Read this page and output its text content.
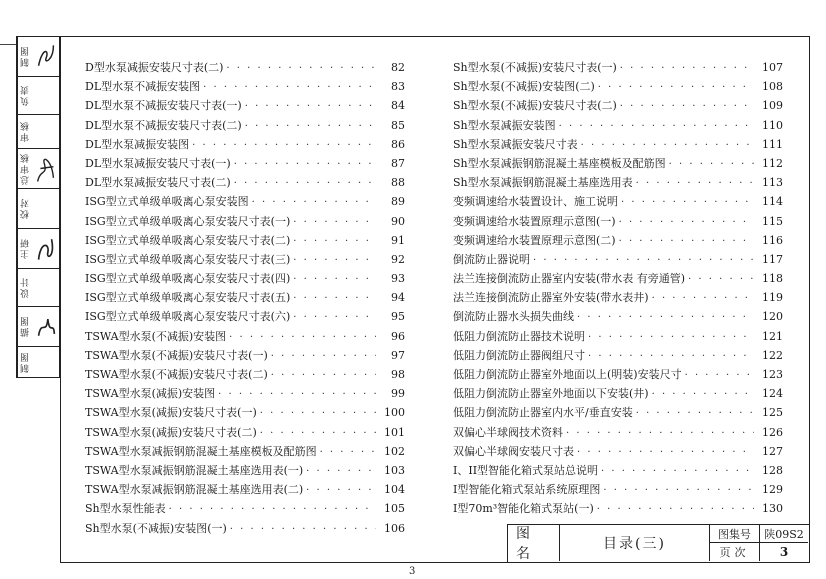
制图
负责
审核
总审核
校对
主研
设计
描图
制图
D型水泵减振安装尺寸表(二) · · ·	82
DL型水泵不减振安装图 · · ·	83
DL型水泵不减振安装尺寸表(一) · · ·	84
DL型水泵不减振安装尺寸表(二) · · ·	85
DL型水泵减振安装图 · · ·	86
DL型水泵减振安装尺寸表(一) · · ·	87
DL型水泵减振安装尺寸表(二) · · ·	88
ISG型立式单级单吸离心泵安装图 · · ·	89
ISG型立式单级单吸离心泵安装尺寸表(一) · · ·	90
ISG型立式单级单吸离心泵安装尺寸表(二) · · ·	91
ISG型立式单级单吸离心泵安装尺寸表(三) · · ·	92
ISG型立式单级单吸离心泵安装尺寸表(四) · · ·	93
ISG型立式单级单吸离心泵安装尺寸表(五) · · ·	94
ISG型立式单级单吸离心泵安装尺寸表(六) · · ·	95
TSWA型水泵(不减振)安装图 · · ·	96
TSWA型水泵(不减振)安装尺寸表(一) · · ·	97
TSWA型水泵(不减振)安装尺寸表(二) · · ·	98
TSWA型水泵(减振)安装图 · · ·	99
TSWA型水泵(减振)安装尺寸表(一) · · ·	100
TSWA型水泵(减振)安装尺寸表(二) · · ·	101
TSWA型水泵减振钢筋混凝土基座模板及配筋图 · · ·	102
TSWA型水泵减振钢筋混凝土基座选用表(一) · · ·	103
TSWA型水泵减振钢筋混凝土基座选用表(二) · · ·	104
Sh型水泵性能表 · · ·	105
Sh型水泵(不减振)安装图(一) · · ·	106
Sh型水泵(不减振)安装尺寸表(一) · · ·	107
Sh型水泵(不减振)安装图(二) · · ·	108
Sh型水泵(不减振)安装尺寸表(二) · · ·	109
Sh型水泵减振安装图 · · ·	110
Sh型水泵减振安装尺寸表 · · ·	111
Sh型水泵减振钢筋混凝土基座模板及配筋图 · · ·	112
Sh型水泵减振钢筋混凝土基座选用表 · · ·	113
变频调速给水装置设计、施工说明 · · ·	114
变频调速给水装置原理示意图(一) · · ·	115
变频调速给水装置原理示意图(二) · · ·	116
倒流防止器说明 · · ·	117
法兰连接倒流防止器室内安装(带水表 有旁通管) · · ·	118
法兰连接倒流防止器室外安装(带水表井) · · ·	119
倒流防止器水头损失曲线 · · ·	120
低阻力倒流防止器技术说明 · · ·	121
低阻力倒流防止器阀组尺寸 · · ·	122
低阻力倒流防止器室外地面以上(明装)安装尺寸 · · ·	123
低阻力倒流防止器室外地面以下安装(井) · · ·	124
低阻力倒流防止器室内水平/垂直安装 · · ·	125
双偏心半球阀技术资料 · · ·	126
双偏心半球阀安装尺寸表 · · ·	127
I、II型智能化箱式泵站总说明 · · ·	128
I型智能化箱式泵站系统原理图 · · ·	129
I型70m³智能化箱式泵站(一) · · ·	130
图名
目录(三)
图集号	陕09S2
页次	3
3
